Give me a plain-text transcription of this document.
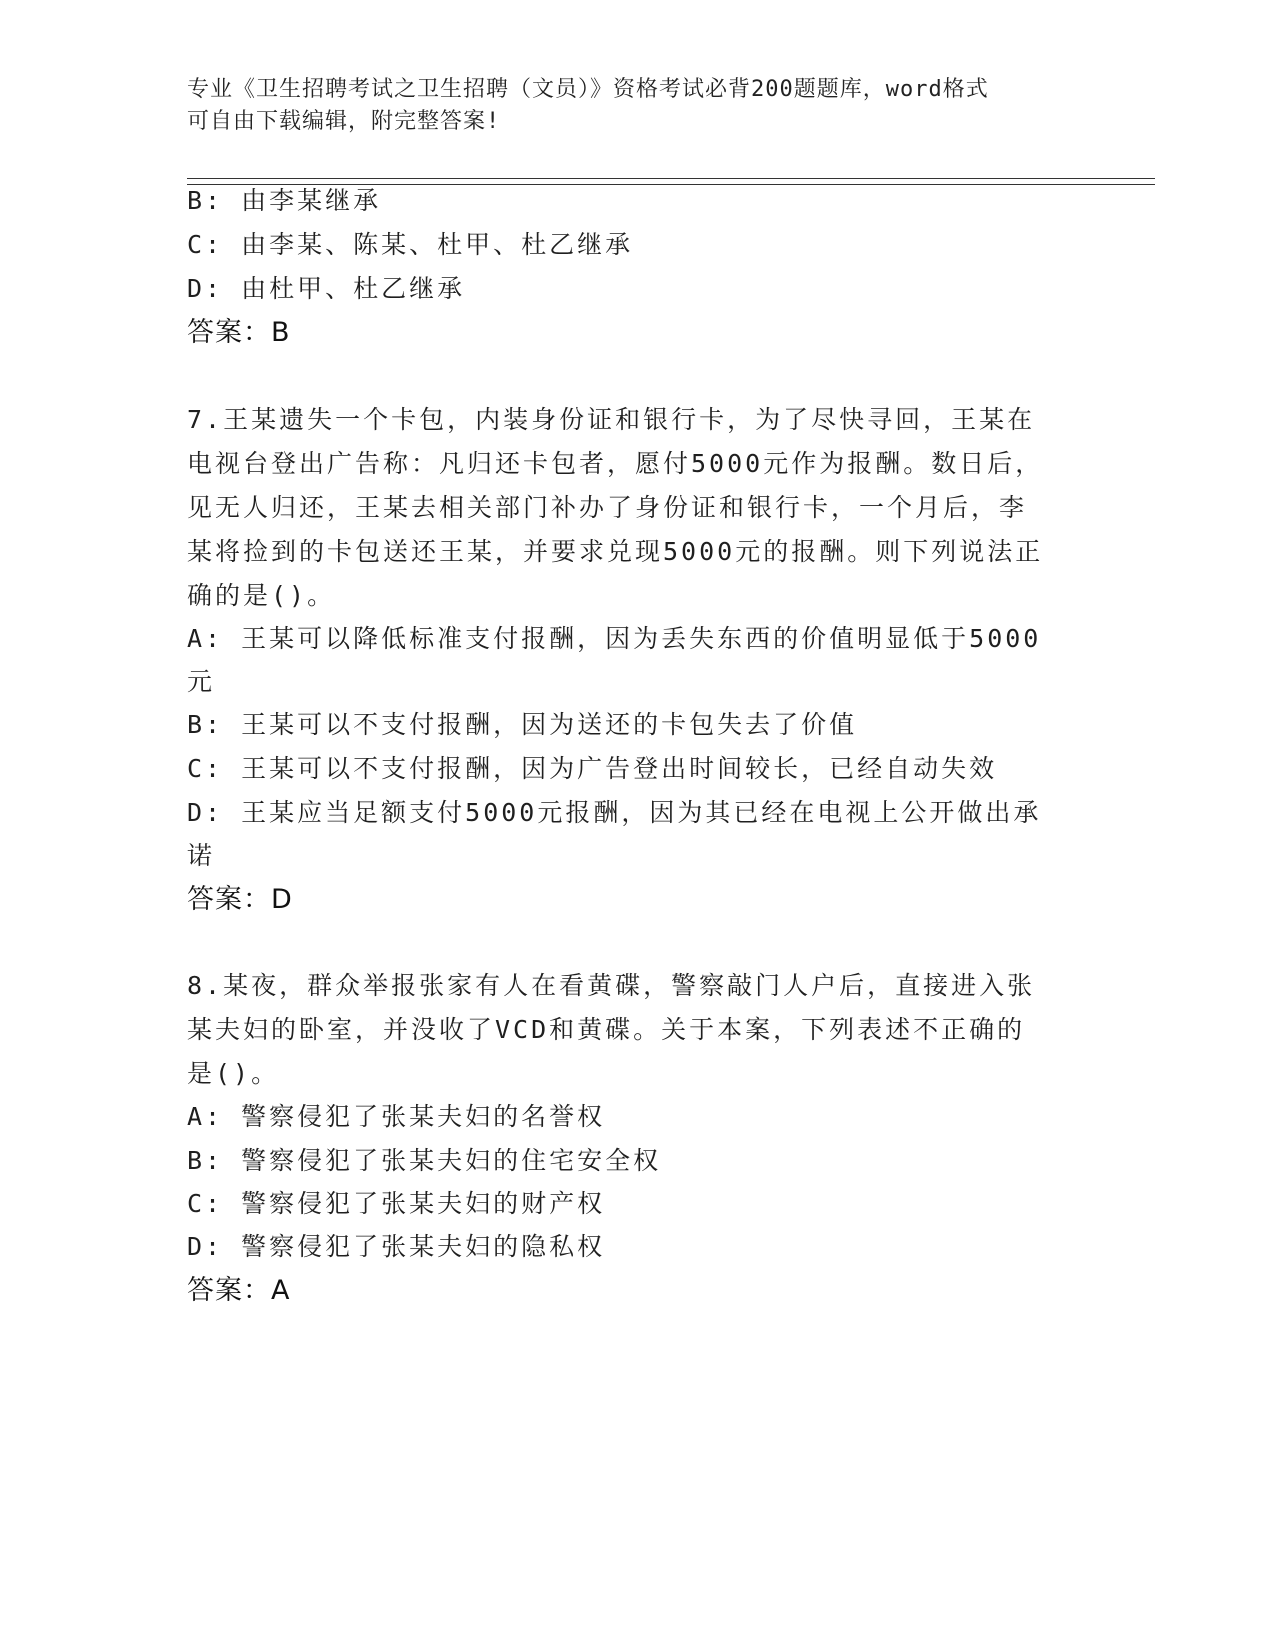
专业《卫生招聘考试之卫生招聘（文员）》资格考试必背200题题库，word格式
可自由下载编辑，附完整答案!
B: 由李某继承
C: 由李某、陈某、杜甲、杜乙继承
D: 由杜甲、杜乙继承
答案：B
7.王某遗失一个卡包，内装身份证和银行卡，为了尽快寻回，王某在
电视台登出广告称：凡归还卡包者，愿付5000元作为报酬。数日后，
见无人归还，王某去相关部门补办了身份证和银行卡，一个月后，李
某将捡到的卡包送还王某，并要求兑现5000元的报酬。则下列说法正
确的是()。
A: 王某可以降低标准支付报酬，因为丢失东西的价值明显低于5000
元
B: 王某可以不支付报酬，因为送还的卡包失去了价值
C: 王某可以不支付报酬，因为广告登出时间较长，已经自动失效
D: 王某应当足额支付5000元报酬，因为其已经在电视上公开做出承
诺
答案：D
8.某夜，群众举报张家有人在看黄碟，警察敲门人户后，直接进入张
某夫妇的卧室，并没收了VCD和黄碟。关于本案，下列表述不正确的
是()。
A: 警察侵犯了张某夫妇的名誉权
B: 警察侵犯了张某夫妇的住宅安全权
C: 警察侵犯了张某夫妇的财产权
D: 警察侵犯了张某夫妇的隐私权
答案：A
